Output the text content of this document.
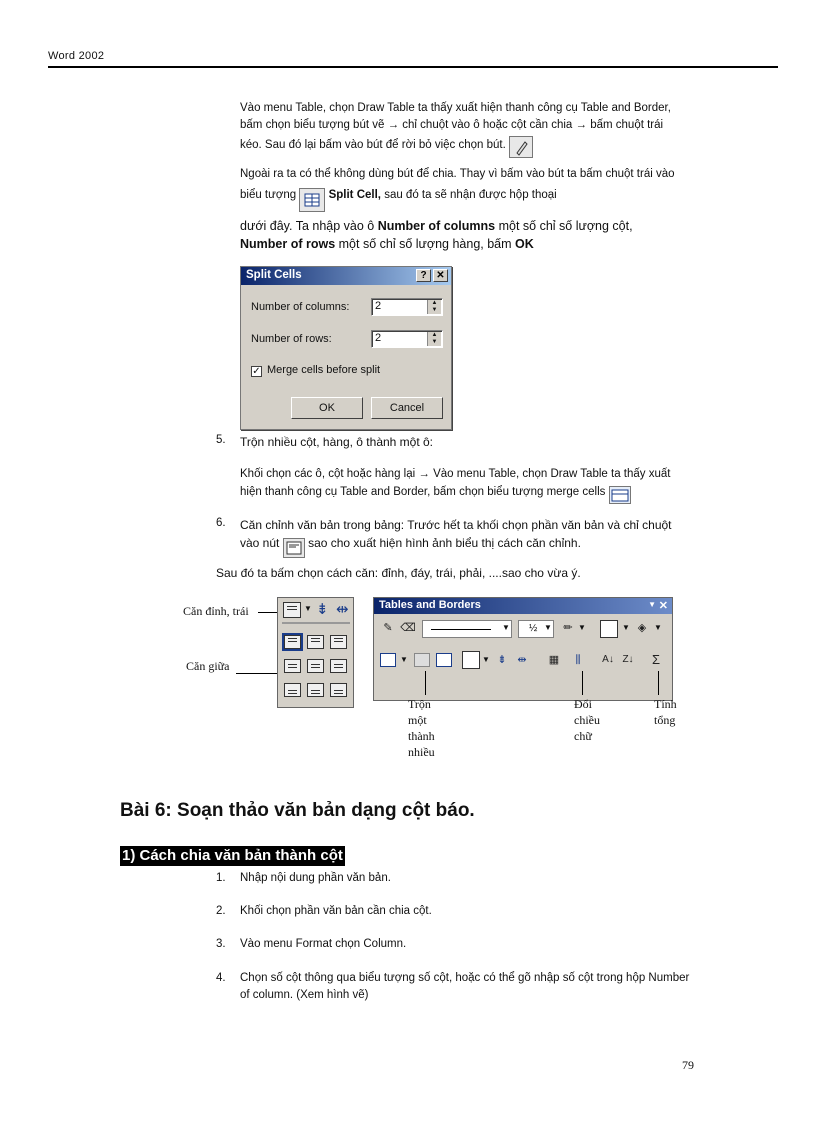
Word 2002
Vào menu Table, chọn Draw Table ta thấy xuất hiện thanh công cụ Table and Border, bấm chọn biểu tượng bút vẽ → chỉ chuột vào ô hoặc cột cần chia → bấm chuột trái kéo. Sau đó lại bấm vào bút để rời bỏ việc chọn bút.
Ngoài ra ta có thể không dùng bút để chia. Thay vì bấm vào bút ta bấm chuột trái vào biểu tượng	Split Cell, sau đó ta sẽ nhận được hộp thoại
dưới đây. Ta nhập vào ô Number of columns một số chỉ số lượng cột, Number of rows một số chỉ số lượng hàng, bấm OK
Split Cells	? ✕
Number of columns:	2	▲
▼
Number of rows:	2	▲
▼
✓ Merge cells before split
OK	Cancel
5. Trộn nhiều cột, hàng, ô thành một ô:
Khối chọn các ô, cột hoặc hàng lại → Vào menu Table, chọn Draw Table ta thấy xuất hiện thanh công cụ Table and Border, bấm chọn biểu tượng merge cells
6. Căn chỉnh văn bản trong bảng: Trước hết ta khối chọn phần văn bản và chỉ chuột vào nút sao cho xuất hiện hình ảnh biểu thị cách căn chỉnh.
Sau đó ta bấm chọn cách căn: đỉnh, đáy, trái, phải, ....sao cho vừa ý.
Căn đỉnh, trái
Căn giữa
▼ ⇟ ⇹	Tables and Borders	▼ ✕
✎ ⌫	▼	½ ▼	✏ ▼	▼ ◈ ▼
▼	▼ ⇟ ⇹	▦	⫼	A↓ Z↓	Σ
Trộn
một
thành
nhiều
Đổi
chiều
chữ
Tính
tổng
Bài 6: Soạn thảo văn bản dạng cột báo.
1) Cách chia văn bản thành cột
1. Nhập nội dung phần văn bản.
2. Khối chọn phần văn bản cần chia cột.
3. Vào menu Format chọn Column.
4. Chọn số cột thông qua biểu tượng số cột, hoặc có thể gõ nhập số cột trong hộp Number of column. (Xem hình vẽ)
79
